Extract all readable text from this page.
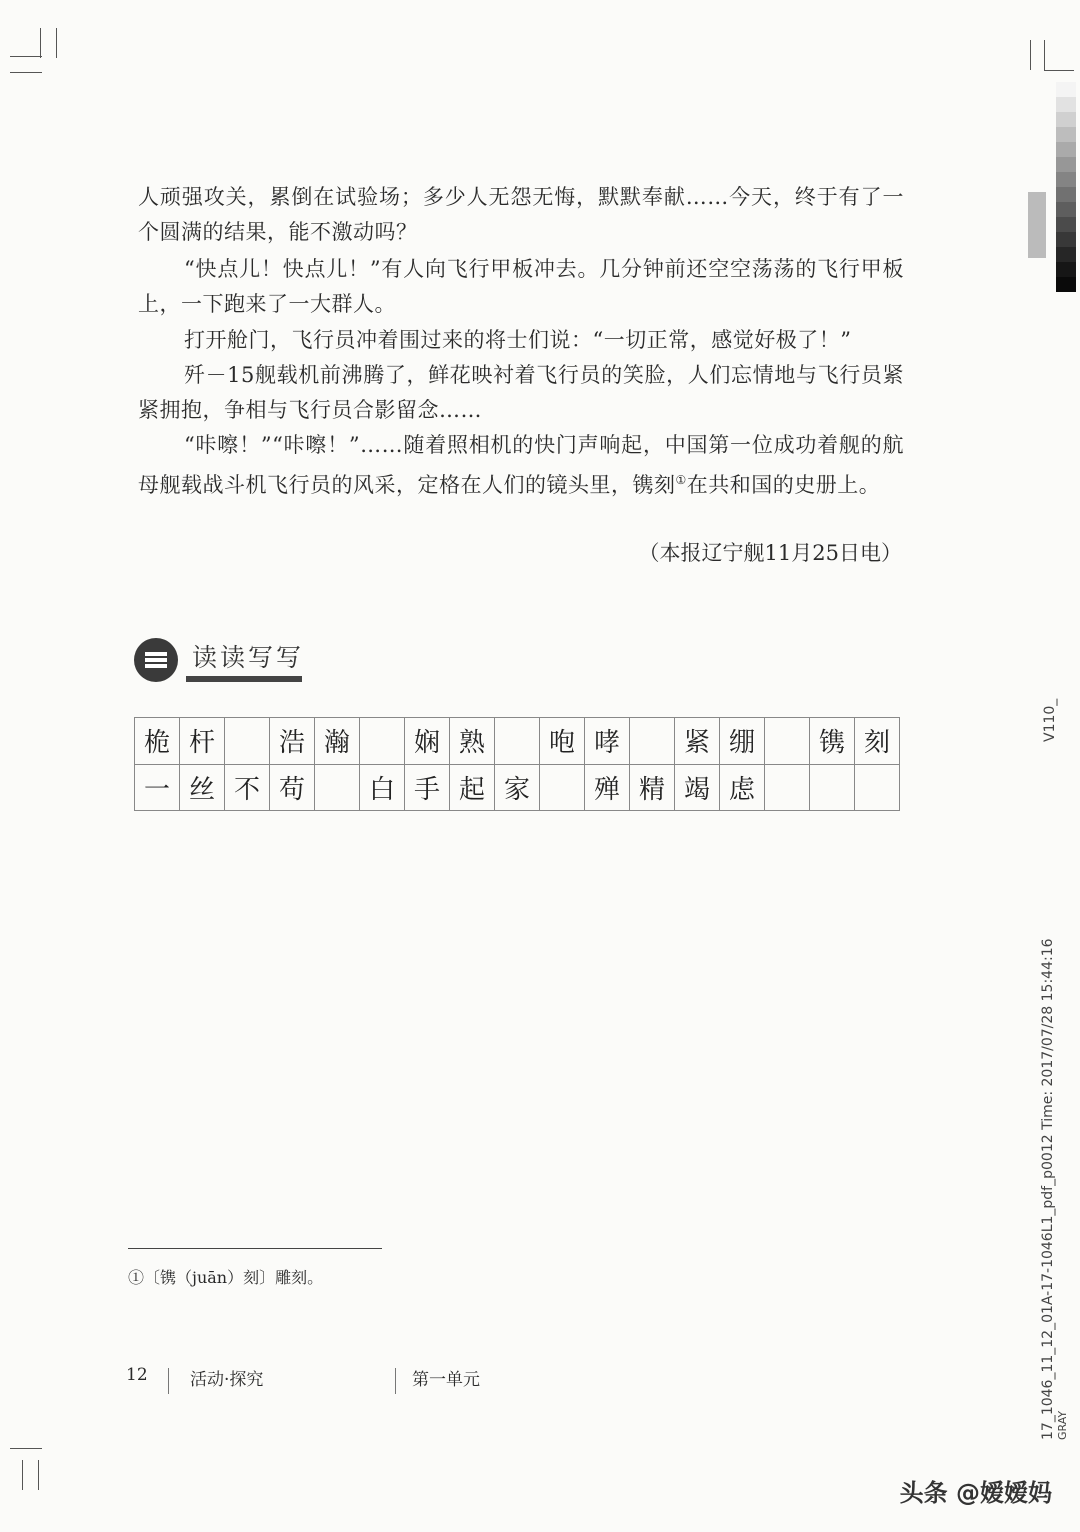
人顽强攻关，累倒在试验场；多少人无怨无悔，默默奉献……今天，终于有了一个圆满的结果，能不激动吗？

“快点儿！快点儿！”有人向飞行甲板冲去。几分钟前还空空荡荡的飞行甲板上，一下跑来了一大群人。

打开舱门，飞行员冲着围过来的将士们说：“一切正常，感觉好极了！”

歼－15舰载机前沸腾了，鲜花映衬着飞行员的笑脸，人们忘情地与飞行员紧紧拥抱，争相与飞行员合影留念……

“咔嚓！”“咔嚓！”……随着照相机的快门声响起，中国第一位成功着舰的航母舰载战斗机飞行员的风采，定格在人们的镜头里，镌刻①在共和国的史册上。

（本报辽宁舰11月25日电）
读读写写
桅	杆		浩	瀚		娴	熟		咆	哮		紧	绷		镌	刻
一	丝	不	苟		白	手	起	家		殚	精	竭	虑			
①〔镌（juān）刻〕雕刻。
12 活动·探究	第一单元
V110_
17_1046_11_12_01A-17-1046L1_pdf_p0012 Time: 2017/07/28 15:44:16 GRAY
头条 @嫒嫒妈
